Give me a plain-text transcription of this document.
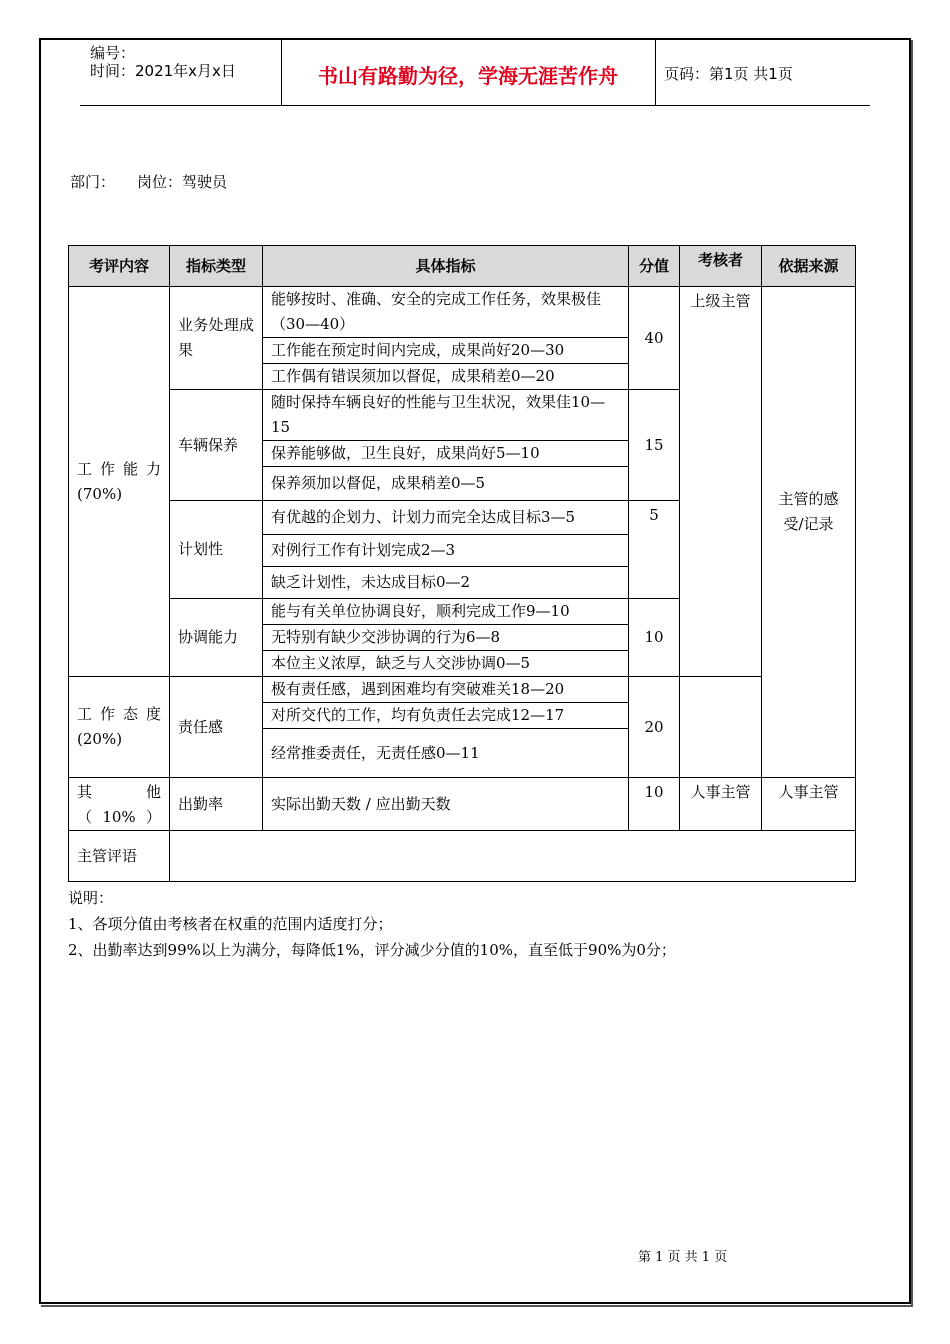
编号：
时间：2021年x月x日	书山有路勤为径，学海无涯苦作舟	页码：第1页 共1页
部门： 岗位：驾驶员
考评内容	指标类型	具体指标	分值	考核者	依据来源

工 作 能 力 (70%)	业务处理成果	能够按时、准确、安全的完成工作任务，效果极佳（30—40）	40	上级主管	主管的感受/记录
		工作能在预定时间内完成，成果尚好20—30			
		工作偶有错误须加以督促，成果稍差0—20			
	车辆保养	随时保持车辆良好的性能与卫生状况，效果佳10—15	15		
		保养能够做，卫生良好，成果尚好5—10			
		保养须加以督促，成果稍差0—5			
	计划性	有优越的企划力、计划力而完全达成目标3—5	5		
		对例行工作有计划完成2—3			
		缺乏计划性，未达成目标0—2			
	协调能力	能与有关单位协调良好，顺利完成工作9—10	10		
		无特别有缺少交涉协调的行为6—8			
		本位主义浓厚，缺乏与人交涉协调0—5			

工 作 态 度 (20%)	责任感	极有责任感，遇到困难均有突破难关18—20	20		
		对所交代的工作，均有负责任去完成12—17			
		经常推委责任，无责任感0—11			

其　　他 （10%）	出勤率	实际出勤天数 / 应出勤天数	10	人事主管	人事主管
主管评语					
说明：
1、各项分值由考核者在权重的范围内适度打分；
2、出勤率达到99%以上为满分，每降低1%，评分减少分值的10%，直至低于90%为0分；
第 1 页 共 1 页
